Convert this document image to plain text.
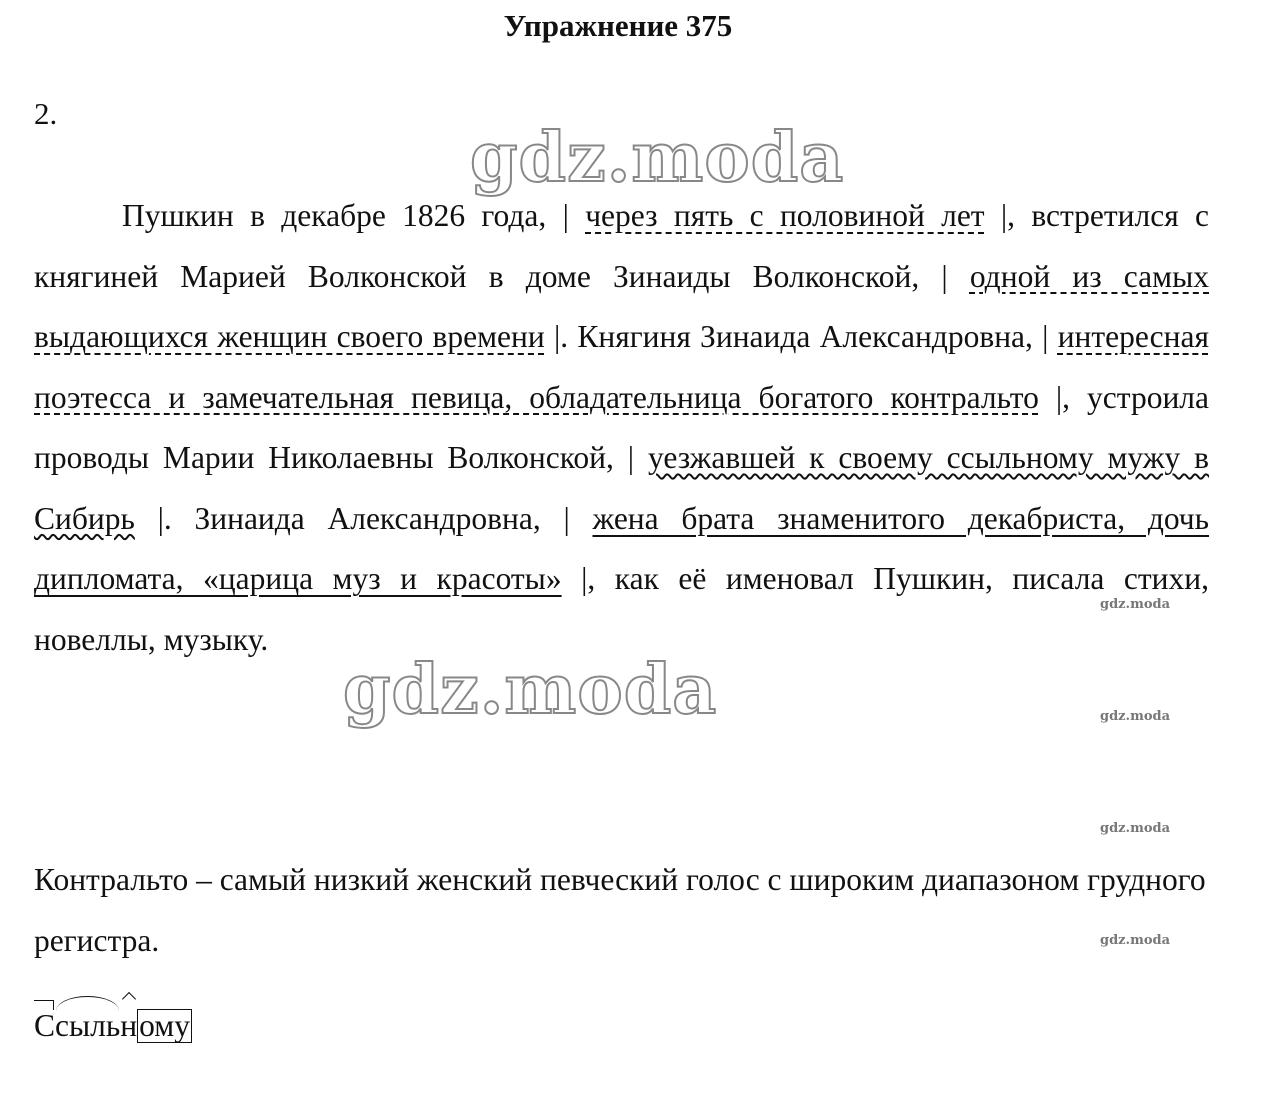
Упражнение 375
2.
gdz.moda
gdz.moda
gdz.moda
gdz.moda
gdz.moda
gdz.moda

Пушкин в декабре 1826 года, | через пять с половиной лет |, встретился с княгиней Марией Волконской в доме Зинаиды Волконской, | одной из самых выдающихся женщин своего времени |. Княгиня Зинаида Александровна, | интересная поэтесса и замечательная певица, обладательница богатого контральто |, устроила проводы Марии Николаевны Волконской, | уезжавшей к своему ссыльному мужу в Сибирь |. Зинаида Александровна, | жена брата знаменитого декабриста, дочь дипломата, «царица муз и красоты» |, как её именовал Пушкин, писала стихи, новеллы, музыку.

Контральто – самый низкий женский певческий голос с широким диапазоном грудного регистра.

Ссыльному
